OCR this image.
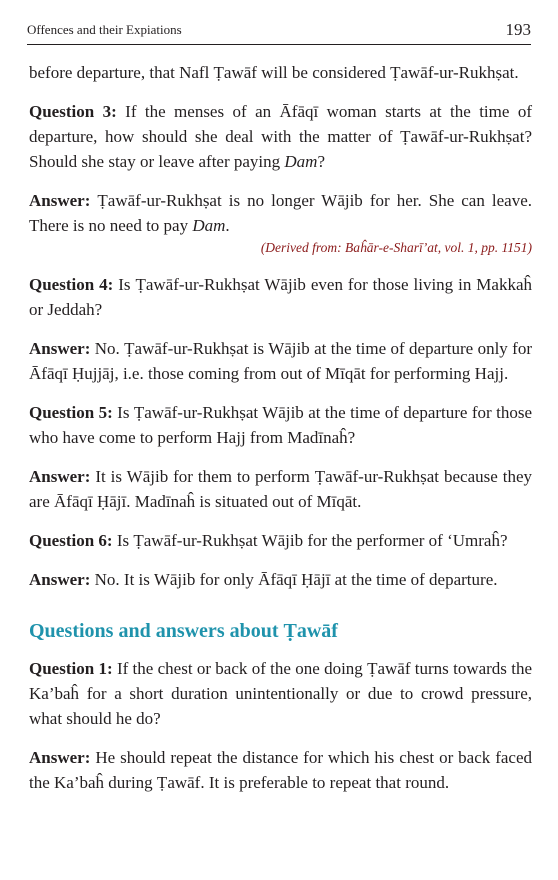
Offences and their Expiations	193

before departure, that Nafl Ṭawāf will be considered Ṭawāf-ur-Rukhṣat.

Question 3: If the menses of an Āfāqī woman starts at the time of departure, how should she deal with the matter of Ṭawāf-ur-Rukhṣat? Should she stay or leave after paying Dam?

Answer: Ṭawāf-ur-Rukhṣat is no longer Wājib for her. She can leave. There is no need to pay Dam.

(Derived from: Baĥār-e-Sharī’at, vol. 1, pp. 1151)

Question 4: Is Ṭawāf-ur-Rukhṣat Wājib even for those living in Makkaĥ or Jeddah?

Answer: No. Ṭawāf-ur-Rukhṣat is Wājib at the time of departure only for Āfāqī Ḥujjāj, i.e. those coming from out of Mīqāt for performing Hajj.

Question 5: Is Ṭawāf-ur-Rukhṣat Wājib at the time of departure for those who have come to perform Hajj from Madīnaĥ?

Answer: It is Wājib for them to perform Ṭawāf-ur-Rukhṣat because they are Āfāqī Ḥājī. Madīnaĥ is situated out of Mīqāt.

Question 6: Is Ṭawāf-ur-Rukhṣat Wājib for the performer of ‘Umraĥ?

Answer: No. It is Wājib for only Āfāqī Ḥājī at the time of departure.

Questions and answers about Ṭawāf

Question 1: If the chest or back of the one doing Ṭawāf turns towards the Ka’baĥ for a short duration unintentionally or due to crowd pressure, what should he do?

Answer: He should repeat the distance for which his chest or back faced the Ka’baĥ during Ṭawāf. It is preferable to repeat that round.
